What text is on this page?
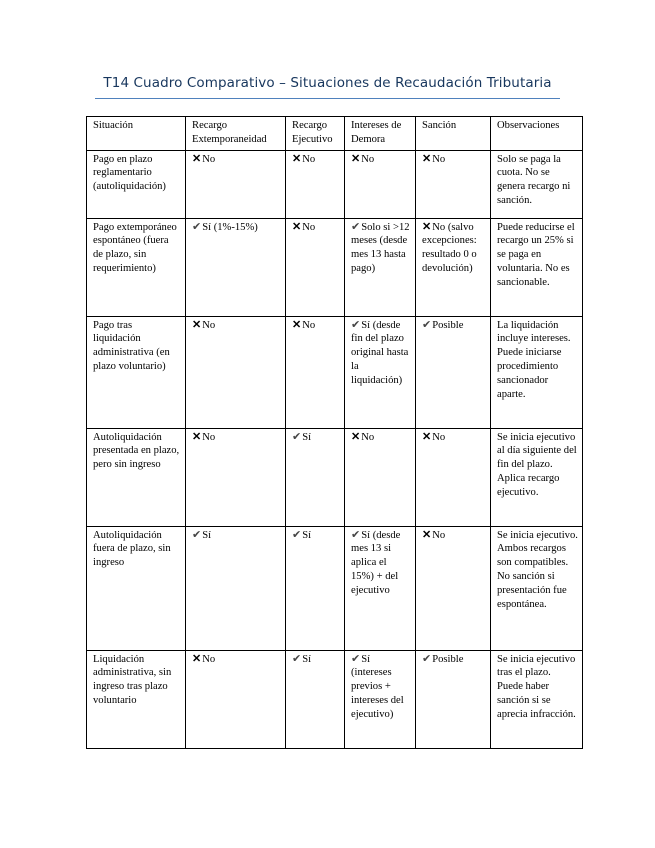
T14 Cuadro Comparativo – Situaciones de Recaudación Tributaria
Situación	Recargo Extemporaneidad	Recargo Ejecutivo	Intereses de Demora	Sanción	Observaciones
Pago en plazo reglamentario (autoliquidación)	✕No	✕No	✕No	✕No	Solo se paga la cuota. No se genera recargo ni sanción.
Pago extemporáneo espontáneo (fuera de plazo, sin requerimiento)	✔Sí (1%-15%)	✕No	✔Solo si >12 meses (desde mes 13 hasta pago)	✕No (salvo excepciones: resultado 0 o devolución)	Puede reducirse el recargo un 25% si se paga en voluntaria. No es sancionable.
Pago tras liquidación administrativa (en plazo voluntario)	✕No	✕No	✔Sí (desde fin del plazo original hasta la liquidación)	✔Posible	La liquidación incluye intereses. Puede iniciarse procedimiento sancionador aparte.
Autoliquidación presentada en plazo, pero sin ingreso	✕No	✔Sí	✕No	✕No	Se inicia ejecutivo al día siguiente del fin del plazo. Aplica recargo ejecutivo.
Autoliquidación fuera de plazo, sin ingreso	✔Sí	✔Sí	✔Sí (desde mes 13 si aplica el 15%) + del ejecutivo	✕No	Se inicia ejecutivo. Ambos recargos son compatibles. No sanción si presentación fue espontánea.
Liquidación administrativa, sin ingreso tras plazo voluntario	✕No	✔Sí	✔Sí (intereses previos + intereses del ejecutivo)	✔Posible	Se inicia ejecutivo tras el plazo. Puede haber sanción si se aprecia infracción.
